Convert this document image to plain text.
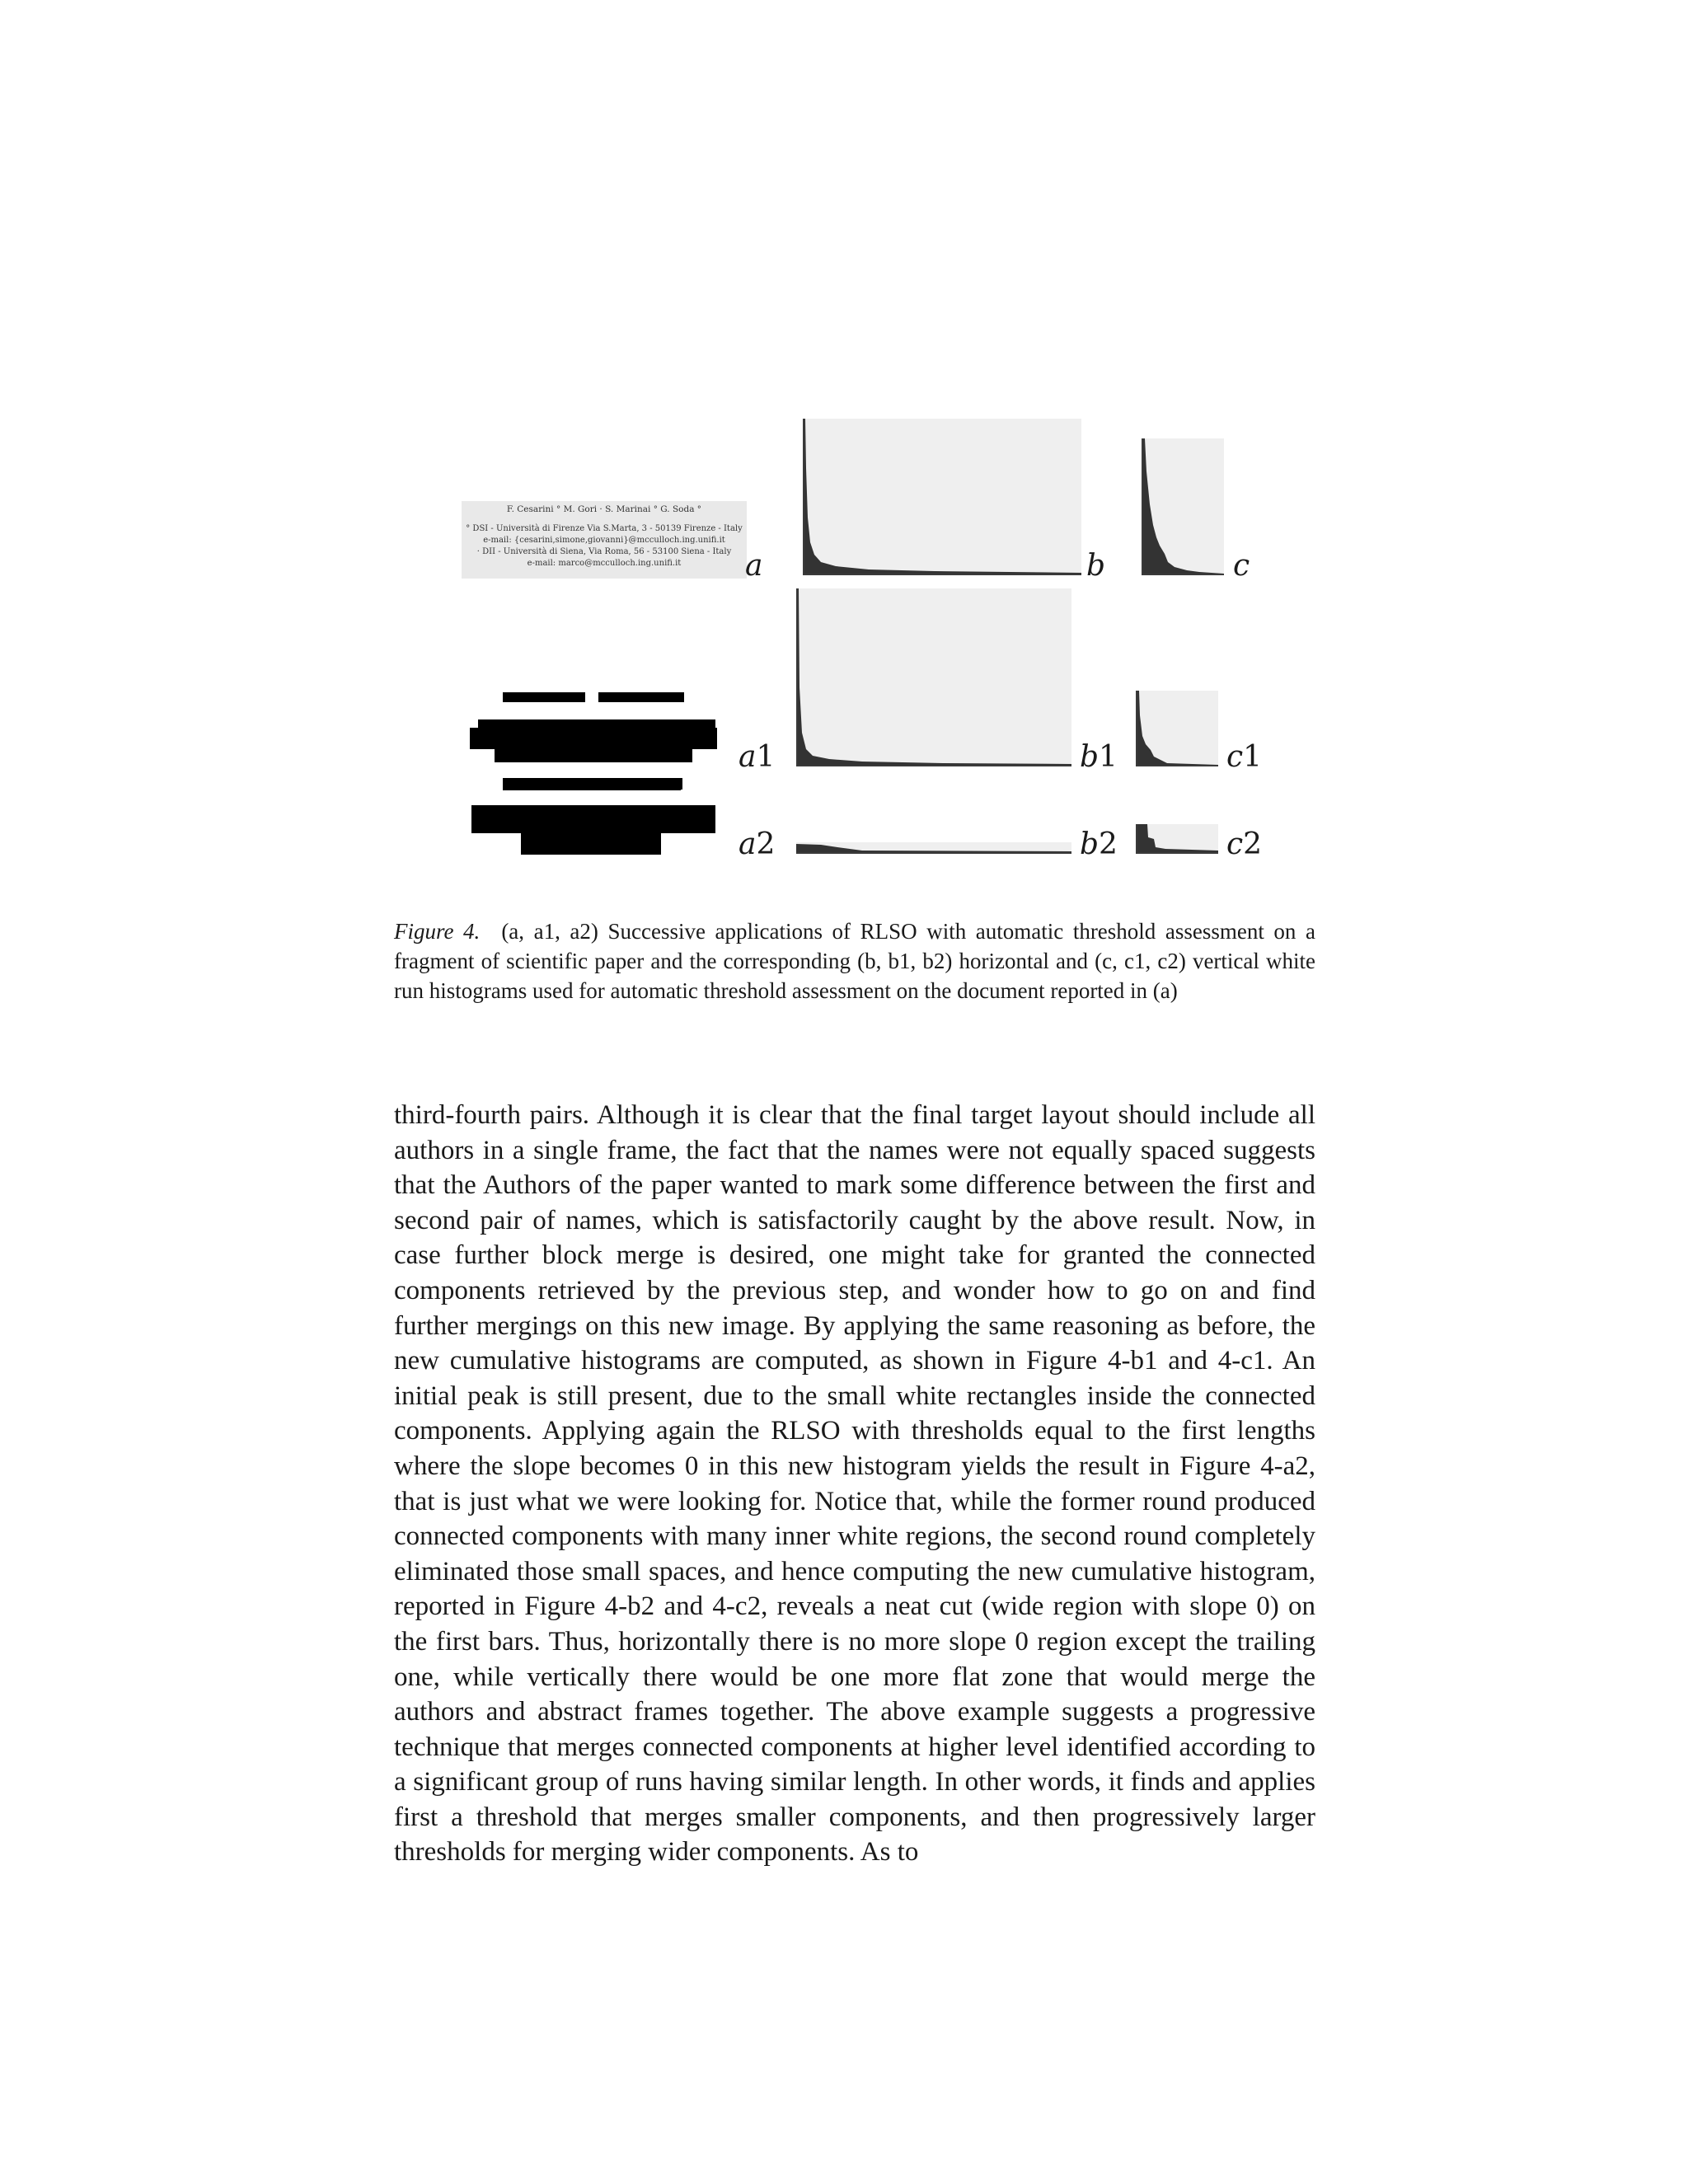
F. Cesarini ° M. Gori · S. Marinai ° G. Soda °
° DSI - Università di Firenze Via S.Marta, 3 - 50139 Firenze - Italy
e-mail: {cesarini,simone,giovanni}@mcculloch.ing.unifi.it
· DII - Università di Siena, Via Roma, 56 - 53100 Siena - Italy
e-mail: marco@mcculloch.ing.unifi.it	a	b	c
a1	b1	c1
a2	b2	c2
Figure 4. (a, a1, a2) Successive applications of RLSO with automatic threshold assessment on a fragment of scientific paper and the corresponding (b, b1, b2) horizontal and (c, c1, c2) vertical white run histograms used for automatic threshold assessment on the document reported in (a)
third-fourth pairs. Although it is clear that the final target layout should include all authors in a single frame, the fact that the names were not equally spaced suggests that the Authors of the paper wanted to mark some difference between the first and second pair of names, which is satisfactorily caught by the above result. Now, in case further block merge is desired, one might take for granted the connected components retrieved by the previous step, and wonder how to go on and find further mergings on this new image. By applying the same reasoning as before, the new cumulative histograms are computed, as shown in Figure 4-b1 and 4-c1. An initial peak is still present, due to the small white rectangles inside the connected components. Applying again the RLSO with thresholds equal to the first lengths where the slope becomes 0 in this new histogram yields the result in Figure 4-a2, that is just what we were looking for. Notice that, while the former round produced connected components with many inner white regions, the second round completely eliminated those small spaces, and hence computing the new cumulative histogram, reported in Figure 4-b2 and 4-c2, reveals a neat cut (wide region with slope 0) on the first bars. Thus, horizontally there is no more slope 0 region except the trailing one, while vertically there would be one more flat zone that would merge the authors and abstract frames together. The above example suggests a progressive technique that merges connected components at higher level identified according to a significant group of runs having similar length. In other words, it finds and applies first a threshold that merges smaller components, and then progressively larger thresholds for merging wider components. As to
